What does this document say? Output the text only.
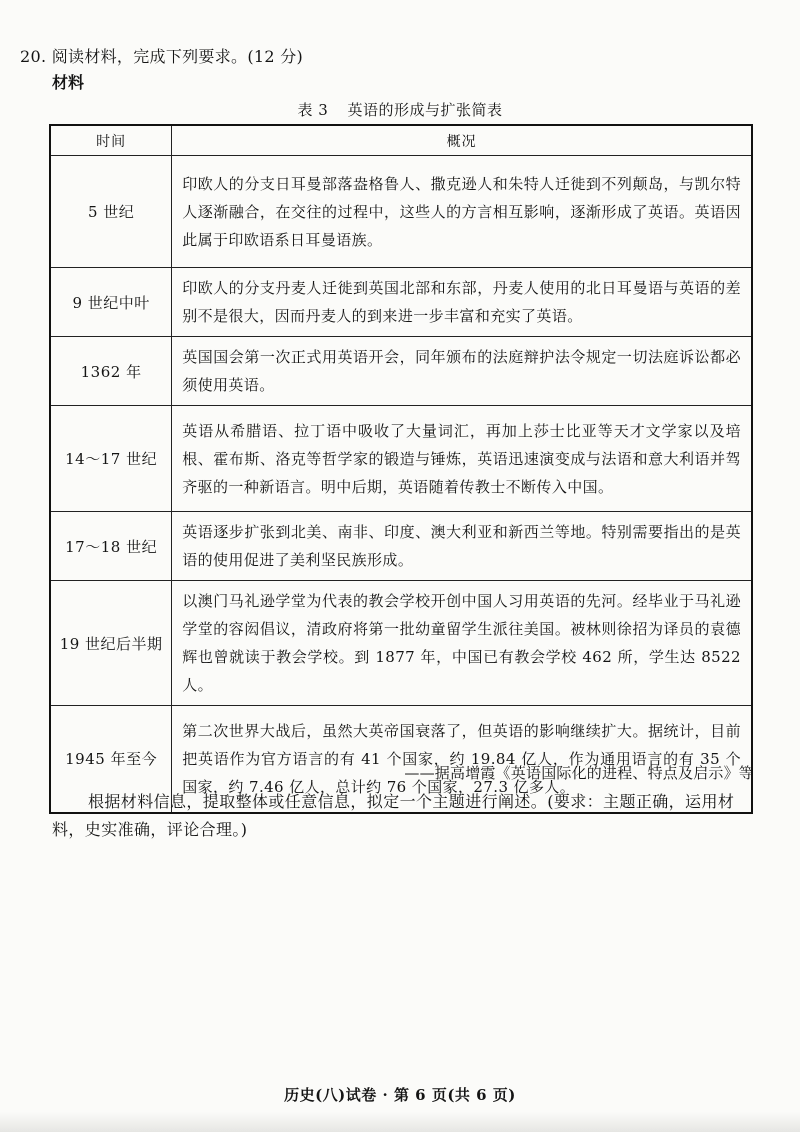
20. 阅读材料，完成下列要求。(12 分)
材料
表 3 英语的形成与扩张简表
时间	概况
5 世纪	印欧人的分支日耳曼部落盎格鲁人、撒克逊人和朱特人迁徙到不列颠岛，与凯尔特人逐渐融合，在交往的过程中，这些人的方言相互影响，逐渐形成了英语。英语因此属于印欧语系日耳曼语族。
9 世纪中叶	印欧人的分支丹麦人迁徙到英国北部和东部，丹麦人使用的北日耳曼语与英语的差别不是很大，因而丹麦人的到来进一步丰富和充实了英语。
1362 年	英国国会第一次正式用英语开会，同年颁布的法庭辩护法令规定一切法庭诉讼都必须使用英语。
14～17 世纪	英语从希腊语、拉丁语中吸收了大量词汇，再加上莎士比亚等天才文学家以及培根、霍布斯、洛克等哲学家的锻造与锤炼，英语迅速演变成与法语和意大利语并驾齐驱的一种新语言。明中后期，英语随着传教士不断传入中国。
17～18 世纪	英语逐步扩张到北美、南非、印度、澳大利亚和新西兰等地。特别需要指出的是英语的使用促进了美利坚民族形成。
19 世纪后半期	以澳门马礼逊学堂为代表的教会学校开创中国人习用英语的先河。经毕业于马礼逊学堂的容闳倡议，清政府将第一批幼童留学生派往美国。被林则徐招为译员的袁德辉也曾就读于教会学校。到 1877 年，中国已有教会学校 462 所，学生达 8522 人。
1945 年至今	第二次世界大战后，虽然大英帝国衰落了，但英语的影响继续扩大。据统计，目前把英语作为官方语言的有 41 个国家，约 19.84 亿人，作为通用语言的有 35 个国家，约 7.46 亿人，总计约 76 个国家，27.3 亿多人。
——据高增霞《英语国际化的进程、特点及启示》等

根据材料信息，提取整体或任意信息，拟定一个主题进行阐述。(要求：主题正确，运用材料，史实准确，评论合理。)

历史(八)试卷 · 第 6 页(共 6 页)
